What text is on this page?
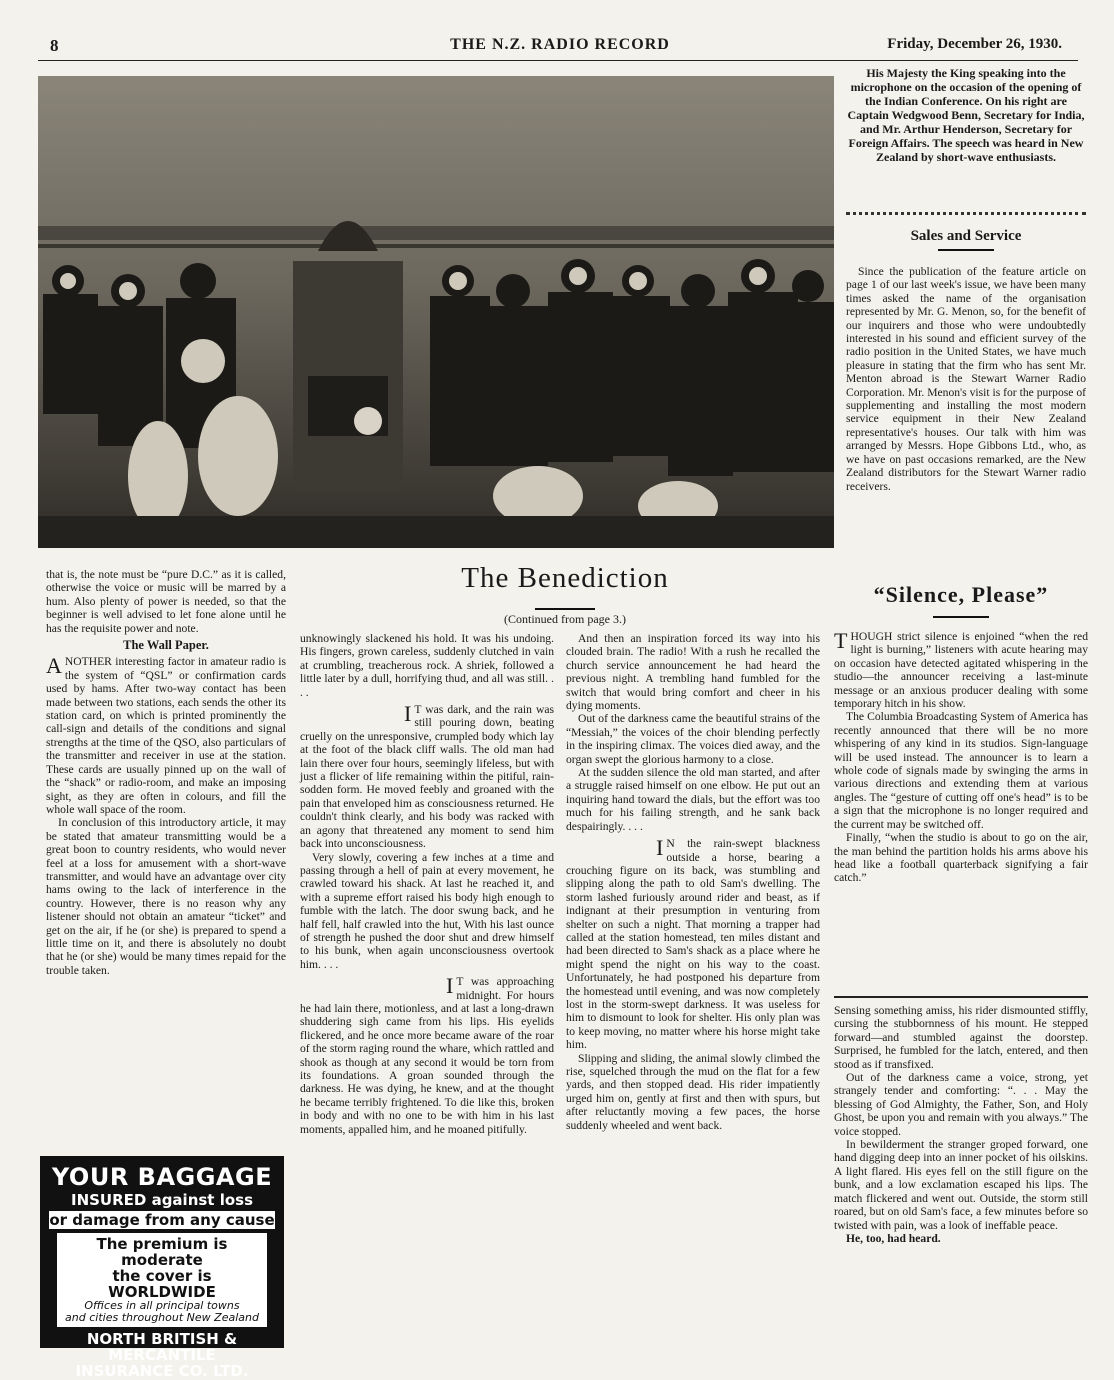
8	THE N.Z. RADIO RECORD	Friday, December 26, 1930.
His Majesty the King speaking into the microphone on the occasion of the opening of the Indian Conference. On his right are Captain Wedgwood Benn, Secretary for India, and Mr. Arthur Henderson, Secretary for Foreign Affairs. The speech was heard in New Zealand by short-wave enthusiasts.
Sales and Service

Since the publication of the feature article on page 1 of our last week's issue, we have been many times asked the name of the organisation represented by Mr. G. Menon, so, for the benefit of our inquirers and those who were undoubtedly interested in his sound and efficient survey of the radio position in the United States, we have much pleasure in stating that the firm who has sent Mr. Menton abroad is the Stewart Warner Radio Corporation. Mr. Menon's visit is for the purpose of supplementing and installing the most modern service equipment in their New Zealand representative's houses. Our talk with him was arranged by Messrs. Hope Gibbons Ltd., who, as we have on past occasions remarked, are the New Zealand distributors for the Stewart Warner radio receivers.

that is, the note must be “pure D.C.” as it is called, otherwise the voice or music will be marred by a hum. Also plenty of power is needed, so that the beginner is well advised to let fone alone until he has the requisite power and note.

The Wall Paper.

ANOTHER interesting factor in amateur radio is the system of “QSL” or confirmation cards used by hams. After two-way contact has been made between two stations, each sends the other its station card, on which is printed prominently the call-sign and details of the conditions and signal strengths at the time of the QSO, also particulars of the transmitter and receiver in use at the station. These cards are usually pinned up on the wall of the “shack” or radio-room, and make an imposing sight, as they are often in colours, and fill the whole wall space of the room.

In conclusion of this introductory article, it may be stated that amateur transmitting would be a great boon to country residents, who would never feel at a loss for amusement with a short-wave transmitter, and would have an advantage over city hams owing to the lack of interference in the country. However, there is no reason why any listener should not obtain an amateur “ticket” and get on the air, if he (or she) is prepared to spend a little time on it, and there is absolutely no doubt that he (or she) would be many times repaid for the trouble taken.

YOUR BAGGAGE
INSURED against loss
or damage from any cause
The premium is moderate
the cover is WORLDWIDE
Offices in all principal towns
and cities throughout New Zealand
NORTH BRITISH & MERCANTILE
INSURANCE CO. LTD.
The Benediction
(Continued from page 3.)

unknowingly slackened his hold. It was his undoing. His fingers, grown careless, suddenly clutched in vain at crumbling, treacherous rock. A shriek, followed a little later by a dull, horrifying thud, and all was still. . . .

I T was dark, and the rain was still pouring down, beating cruelly on the unresponsive, crumpled body which lay at the foot of the black cliff walls. The old man had lain there over four hours, seemingly lifeless, but with just a flicker of life remaining within the pitiful, rain-sodden form. He moved feebly and groaned with the pain that enveloped him as consciousness returned. He couldn't think clearly, and his body was racked with an agony that threatened any moment to send him back into unconsciousness.

Very slowly, covering a few inches at a time and passing through a hell of pain at every movement, he crawled toward his shack. At last he reached it, and with a supreme effort raised his body high enough to fumble with the latch. The door swung back, and he half fell, half crawled into the hut, With his last ounce of strength he pushed the door shut and drew himself to his bunk, when again unconsciousness overtook him. . . .

I T was approaching midnight. For hours he had lain there, motionless, and at last a long-drawn shuddering sigh came from his lips. His eyelids flickered, and he once more became aware of the roar of the storm raging round the whare, which rattled and shook as though at any second it would be torn from its foundations. A groan sounded through the darkness. He was dying, he knew, and at the thought he became terribly frightened. To die like this, broken in body and with no one to be with him in his last moments, appalled him, and he moaned pitifully.

And then an inspiration forced its way into his clouded brain. The radio! With a rush he recalled the church service announcement he had heard the previous night. A trembling hand fumbled for the switch that would bring comfort and cheer in his dying moments.

Out of the darkness came the beautiful strains of the “Messiah,” the voices of the choir blending perfectly in the inspiring climax. The voices died away, and the organ swept the glorious harmony to a close.

At the sudden silence the old man started, and after a struggle raised himself on one elbow. He put out an inquiring hand toward the dials, but the effort was too much for his failing strength, and he sank back despairingly. . . .

I N the rain-swept blackness outside a horse, bearing a crouching figure on its back, was stumbling and slipping along the path to old Sam's dwelling. The storm lashed furiously around rider and beast, as if indignant at their presumption in venturing from shelter on such a night. That morning a trapper had called at the station homestead, ten miles distant and had been directed to Sam's shack as a place where he might spend the night on his way to the coast. Unfortunately, he had postponed his departure from the homestead until evening, and was now completely lost in the storm-swept darkness. It was useless for him to dismount to look for shelter. His only plan was to keep moving, no matter where his horse might take him.

Slipping and sliding, the animal slowly climbed the rise, squelched through the mud on the flat for a few yards, and then stopped dead. His rider impatiently urged him on, gently at first and then with spurs, but after reluctantly moving a few paces, the horse suddenly wheeled and went back.

“Silence, Please”

THOUGH strict silence is enjoined “when the red light is burning,” listeners with acute hearing may on occasion have detected agitated whispering in the studio—the announcer receiving a last-minute message or an anxious producer dealing with some temporary hitch in his show.

The Columbia Broadcasting System of America has recently announced that there will be no more whispering of any kind in its studios. Sign-language will be used instead. The announcer is to learn a whole code of signals made by swinging the arms in various directions and extending them at various angles. The “gesture of cutting off one's head” is to be a sign that the microphone is no longer required and the current may be switched off.

Finally, “when the studio is about to go on the air, the man behind the partition holds his arms above his head like a football quarterback signifying a fair catch.”

Sensing something amiss, his rider dismounted stiffly, cursing the stubbornness of his mount. He stepped forward—and stumbled against the doorstep. Surprised, he fumbled for the latch, entered, and then stood as if transfixed.

Out of the darkness came a voice, strong, yet strangely tender and comforting: “. . . May the blessing of God Almighty, the Father, Son, and Holy Ghost, be upon you and remain with you always.” The voice stopped.

In bewilderment the stranger groped forward, one hand digging deep into an inner pocket of his oilskins. A light flared. His eyes fell on the still figure on the bunk, and a low exclamation escaped his lips. The match flickered and went out. Outside, the storm still roared, but on old Sam's face, a few minutes before so twisted with pain, was a look of ineffable peace.

He, too, had heard.
